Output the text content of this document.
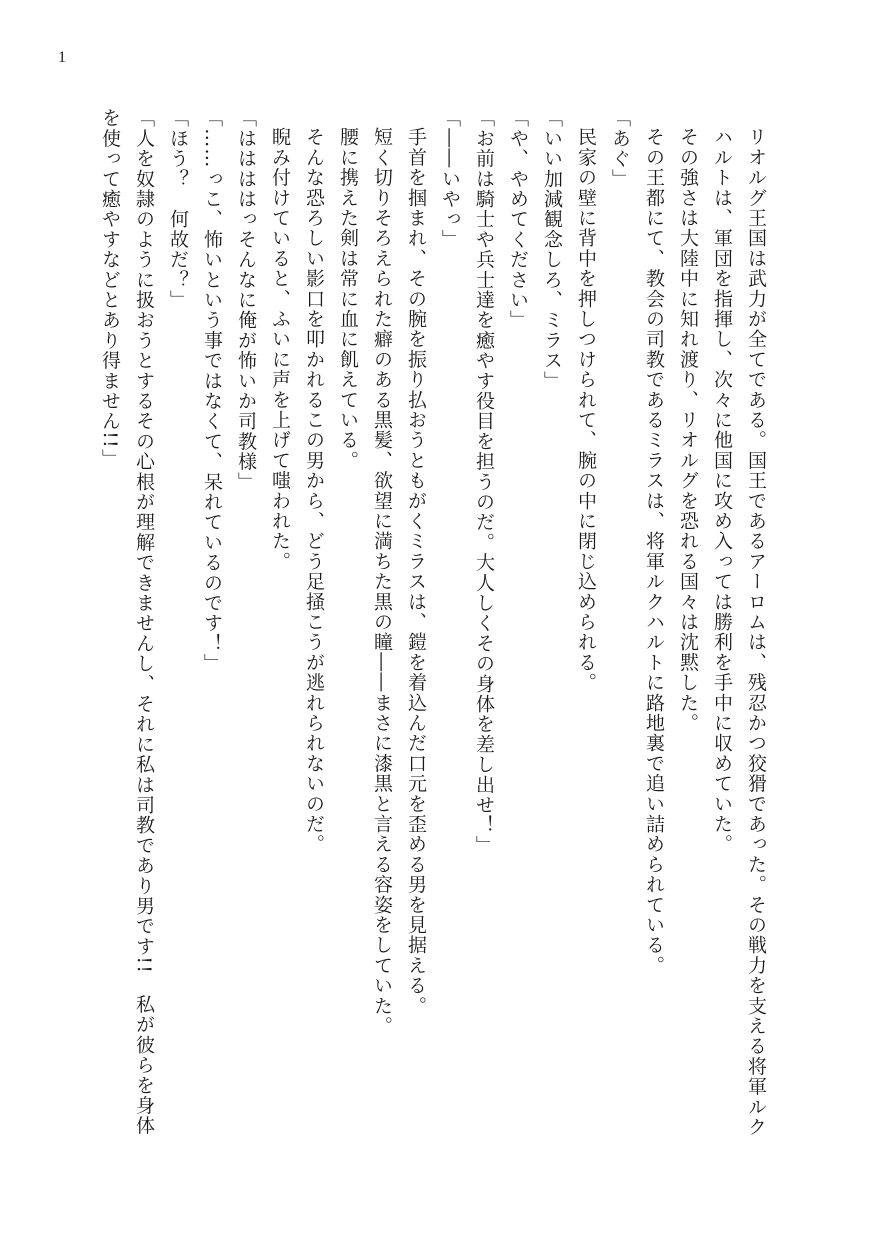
1

リオルグ王国は武力が全てである。国王であるアーロムは、残忍かつ狡猾であった。その戦力を支える将軍ルクハルトは、軍団を指揮し、次々に他国に攻め入っては勝利を手中に収めていた。

その強さは大陸中に知れ渡り、リオルグを恐れる国々は沈黙した。

その王都にて、教会の司教であるミラスは、将軍ルクハルトに路地裏で追い詰められている。

「あぐ」

民家の壁に背中を押しつけられて、腕の中に閉じ込められる。

「いい加減観念しろ、ミラス」

「や、やめてください」

「お前は騎士や兵士達を癒やす役目を担うのだ。大人しくその身体を差し出せ！」

「――いやっ」

手首を掴まれ、その腕を振り払おうともがくミラスは、鎧を着込んだ口元を歪める男を見据える。

短く切りそろえられた癖のある黒髪、欲望に満ちた黒の瞳――まさに漆黒と言える容姿をしていた。

腰に携えた剣は常に血に飢えている。

そんな恐ろしい影口を叩かれるこの男から、どう足掻こうが逃れられないのだ。

睨み付けていると、ふいに声を上げて嗤われた。

「ははははっそんなに俺が怖いか司教様」

「……っこ、怖いという事ではなくて、呆れているのです！」

「ほう？　何故だ？」

「人を奴隷のように扱おうとするその心根が理解できませんし、それに私は司教であり男です!!　私が彼らを身体を使って癒やすなどとあり得ません!!」
